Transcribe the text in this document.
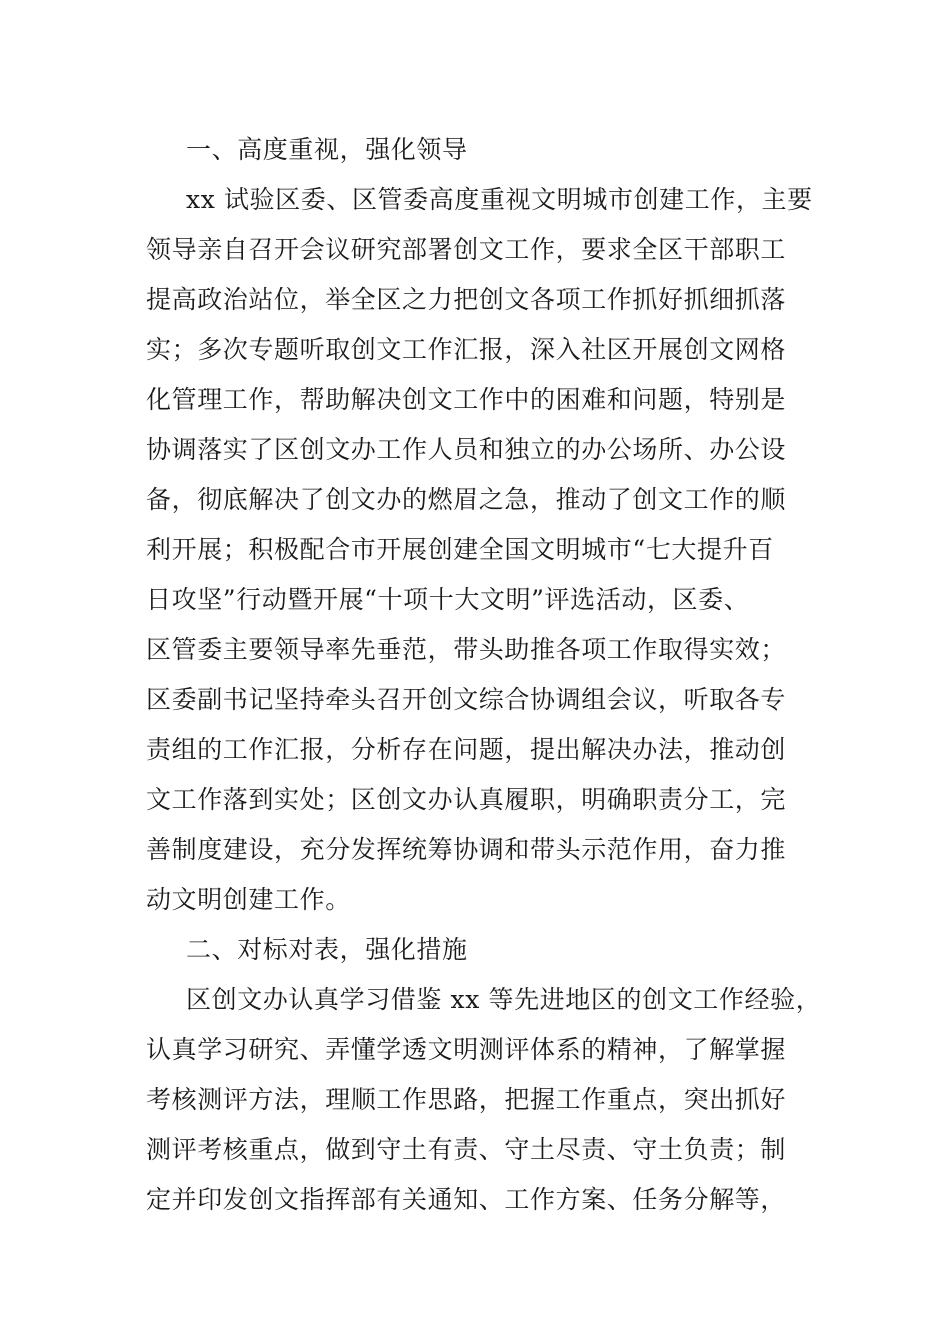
一、高度重视，强化领导
xx 试验区委、区管委高度重视文明城市创建工作，主要
领导亲自召开会议研究部署创文工作，要求全区干部职工
提高政治站位，举全区之力把创文各项工作抓好抓细抓落
实；多次专题听取创文工作汇报，深入社区开展创文网格
化管理工作，帮助解决创文工作中的困难和问题，特别是
协调落实了区创文办工作人员和独立的办公场所、办公设
备，彻底解决了创文办的燃眉之急，推动了创文工作的顺
利开展；积极配合市开展创建全国文明城市“七大提升百
日攻坚”行动暨开展“十项十大文明”评选活动，区委、
区管委主要领导率先垂范，带头助推各项工作取得实效；
区委副书记坚持牵头召开创文综合协调组会议，听取各专
责组的工作汇报，分析存在问题，提出解决办法，推动创
文工作落到实处；区创文办认真履职，明确职责分工，完
善制度建设，充分发挥统筹协调和带头示范作用，奋力推
动文明创建工作。
二、对标对表，强化措施
区创文办认真学习借鉴 xx 等先进地区的创文工作经验，
认真学习研究、弄懂学透文明测评体系的精神，了解掌握
考核测评方法，理顺工作思路，把握工作重点，突出抓好
测评考核重点，做到守土有责、守土尽责、守土负责；制
定并印发创文指挥部有关通知、工作方案、任务分解等，
